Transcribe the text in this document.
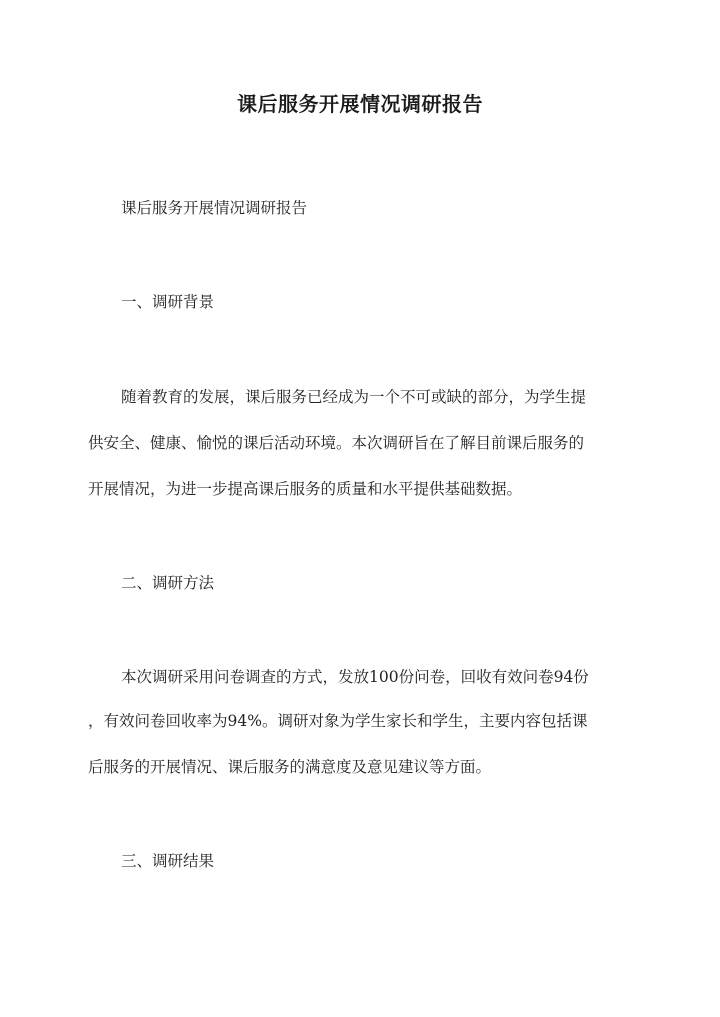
课后服务开展情况调研报告
课后服务开展情况调研报告
一、调研背景
随着教育的发展，课后服务已经成为一个不可或缺的部分，为学生提
供安全、健康、愉悦的课后活动环境。本次调研旨在了解目前课后服务的
开展情况，为进一步提高课后服务的质量和水平提供基础数据。
二、调研方法
本次调研采用问卷调查的方式，发放100份问卷，回收有效问卷94份
，有效问卷回收率为94%。调研对象为学生家长和学生，主要内容包括课
后服务的开展情况、课后服务的满意度及意见建议等方面。
三、调研结果
